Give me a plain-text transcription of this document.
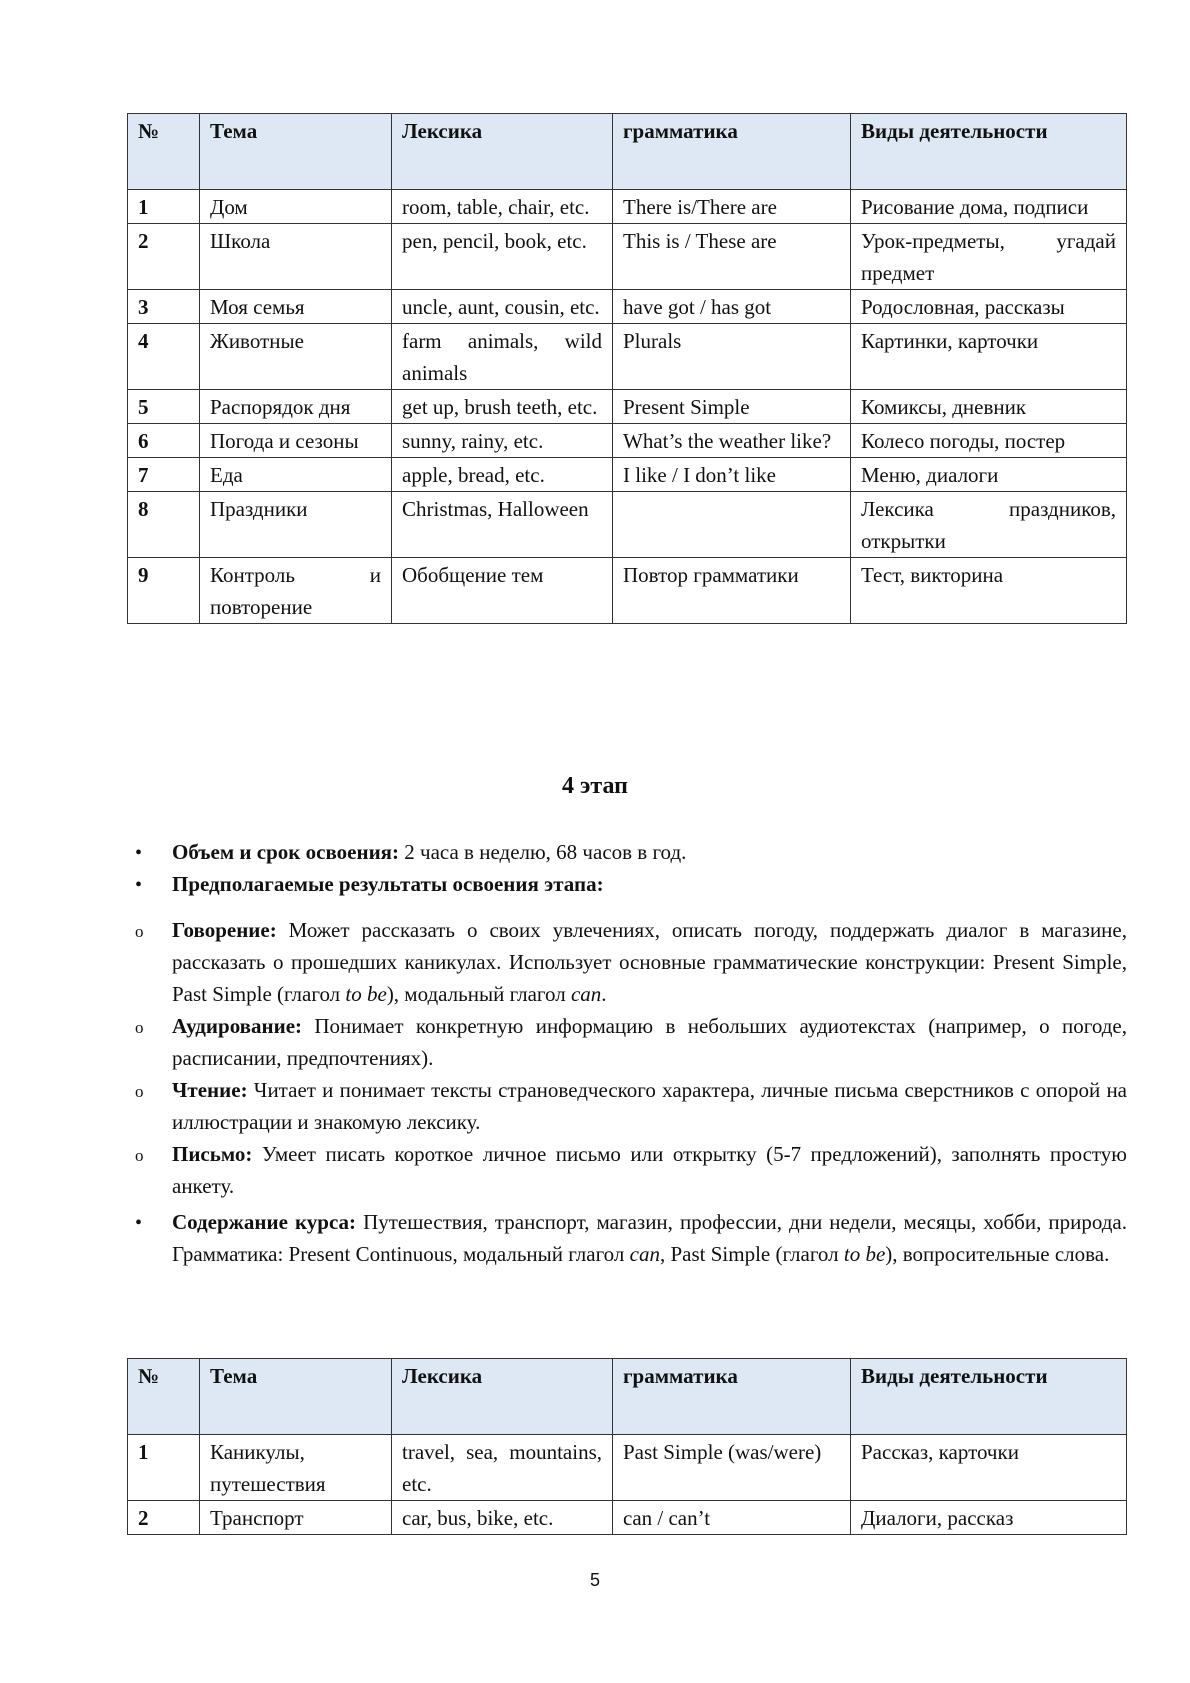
№	Тема	Лексика	грамматика	Виды деятельности
1	Дом	room, table, chair, etc.	There is/There are	Рисование дома, подписи
2	Школа	pen, pencil, book, etc.	This is / These are	Урок-предметы, угадай предмет
3	Моя семья	uncle, aunt, cousin, etc.	have got / has got	Родословная, рассказы
4	Животные	farm animals, wild animals	Plurals	Картинки, карточки
5	Распорядок дня	get up, brush teeth, etc.	Present Simple	Комиксы, дневник
6	Погода и сезоны	sunny, rainy, etc.	What’s the weather like?	Колесо погоды, постер
7	Еда	apple, bread, etc.	I like / I don’t like	Меню, диалоги
8	Праздники	Christmas, Halloween		Лексика праздников, открытки
9	Контроль и повторение	Обобщение тем	Повтор грамматики	Тест, викторина
4 этап
•
Объем и срок освоения: 2 часа в неделю, 68 часов в год.
•
Предполагаемые результаты освоения этапа:
o
Говорение: Может рассказать о своих увлечениях, описать погоду, поддержать диалог в магазине, рассказать о прошедших каникулах. Использует основные грамматические конструкции: Present Simple, Past Simple (глагол to be), модальный глагол can.
o
Аудирование: Понимает конкретную информацию в небольших аудиотекстах (например, о погоде, расписании, предпочтениях).
o
Чтение: Читает и понимает тексты страноведческого характера, личные письма сверстников с опорой на иллюстрации и знакомую лексику.
o
Письмо: Умеет писать короткое личное письмо или открытку (5-7 предложений), заполнять простую анкету.
•
Содержание курса: Путешествия, транспорт, магазин, профессии, дни недели, месяцы, хобби, природа. Грамматика: Present Continuous, модальный глагол can, Past Simple (глагол to be), вопросительные слова.
№	Тема	Лексика	грамматика	Виды деятельности
1	Каникулы, путешествия	travel, sea, mountains, etc.	Past Simple (was/were)	Рассказ, карточки
2	Транспорт	car, bus, bike, etc.	can / can’t	Диалоги, рассказ
5
